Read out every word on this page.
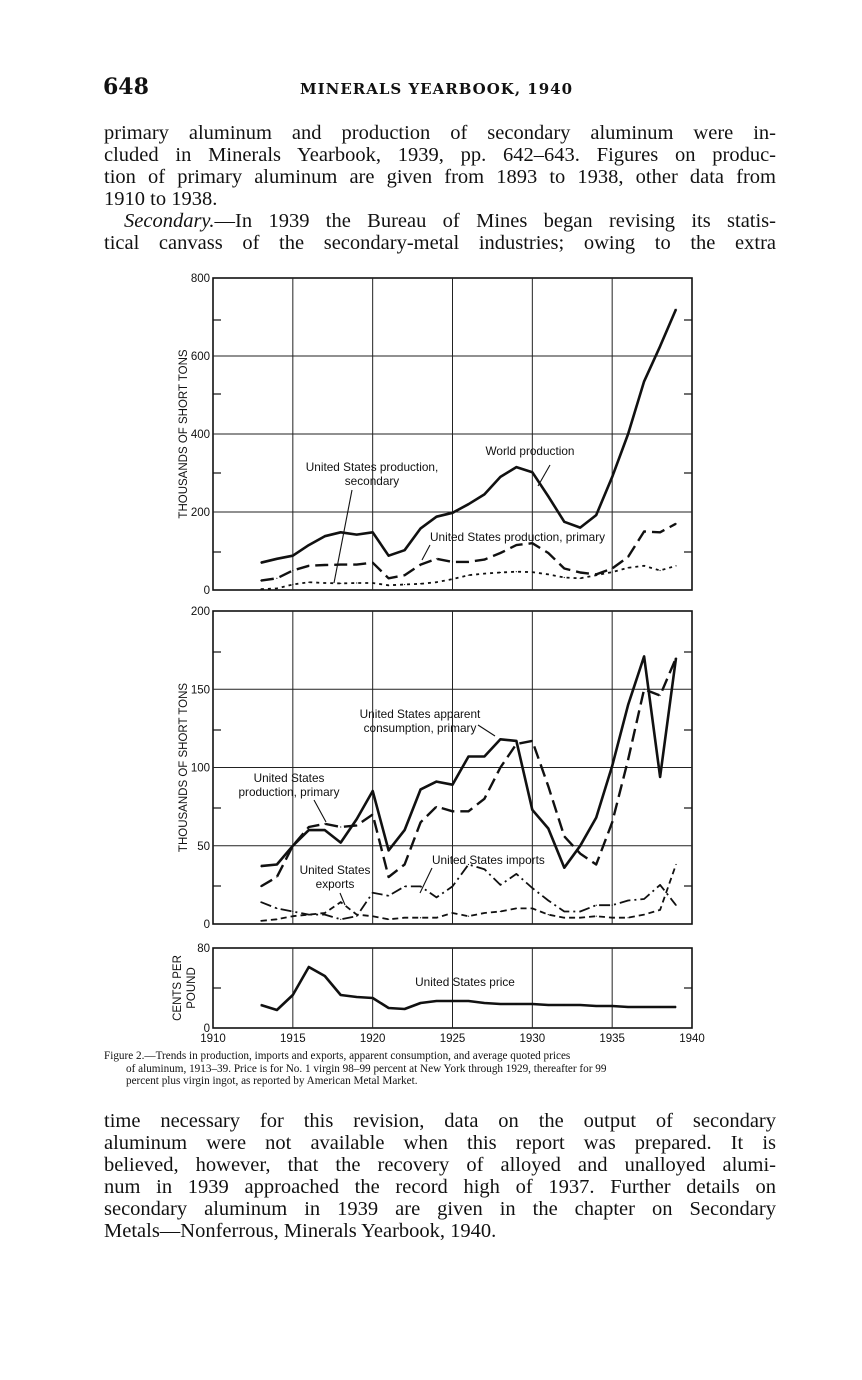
648	MINERALS YEARBOOK, 1940
primary aluminum and production of secondary aluminum were in-
cluded in Minerals Yearbook, 1939, pp. 642–643. Figures on produc-
tion of primary aluminum are given from 1893 to 1938, other data from
1910 to 1938.
Secondary.—In 1939 the Bureau of Mines began revising its statis-
tical canvass of the secondary-metal industries; owing to the extra
0
200
400
600
800
THOUSANDS OF SHORT TONS
0
50
100
150
200
THOUSANDS OF SHORT TONS
0
80
CENTS PER POUND
1910	1915	1920	1925	1930	1935	1940
United States production, secondary
World production
United States production, primary
United States apparent consumption, primary
United States production, primary
United States exports
United States imports
United States price
Figure 2.—Trends in production, imports and exports, apparent consumption, and average quoted prices
of aluminum, 1913–39. Price is for No. 1 virgin 98–99 percent at New York through 1929, thereafter for 99
percent plus virgin ingot, as reported by American Metal Market.
time necessary for this revision, data on the output of secondary
aluminum were not available when this report was prepared. It is
believed, however, that the recovery of alloyed and unalloyed alumi-
num in 1939 approached the record high of 1937. Further details on
secondary aluminum in 1939 are given in the chapter on Secondary
Metals—Nonferrous, Minerals Yearbook, 1940.
